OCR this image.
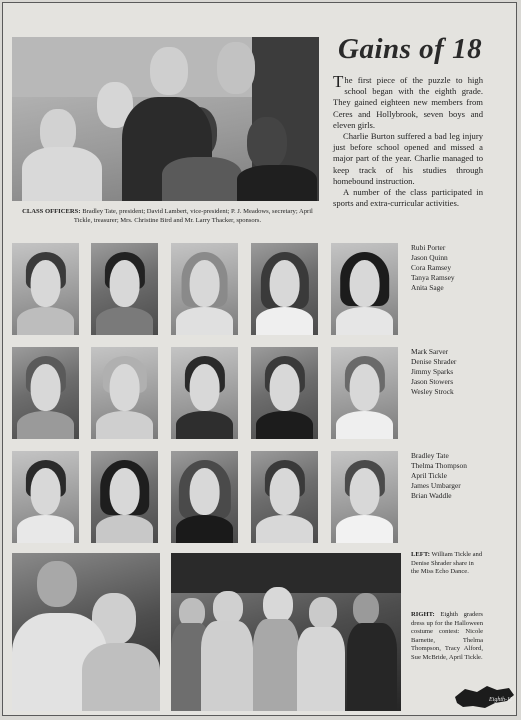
CLASS OFFICERS: Bradley Tate, president; David Lambert, vice-president; P. J. Meadows, secretary; April Tickle, treasurer; Mrs. Christine Bird and Mr. Larry Thacker, sponsors.
Gains of 18

The first piece of the puzzle to high school began with the eighth grade. They gained eighteen new members from Ceres and Hollybrook, seven boys and eleven girls.

Charlie Burton suffered a bad leg injury just before school opened and missed a major part of the year. Charlie managed to keep track of his studies through homebound instruction.

A number of the class participated in sports and extra-curricular activities.

Rubi Porter
Jason Quinn
Cora Ramsey
Tanya Ramsey
Anita Sage
Mark Sarver
Denise Shrader
Jimmy Sparks
Jason Stowers
Wesley Strock
Bradley Tate
Thelma Thompson
April Tickle
James Umbarger
Brian Waddle
LEFT: William Tickle and Denise Shrader share in the Miss Echo Dance.
RIGHT: Eighth graders dress up for the Halloween costume contest: Nicole Barnette, Thelma Thompson, Tracy Alford, Sue McBride, April Tickle.
Eighth-11
